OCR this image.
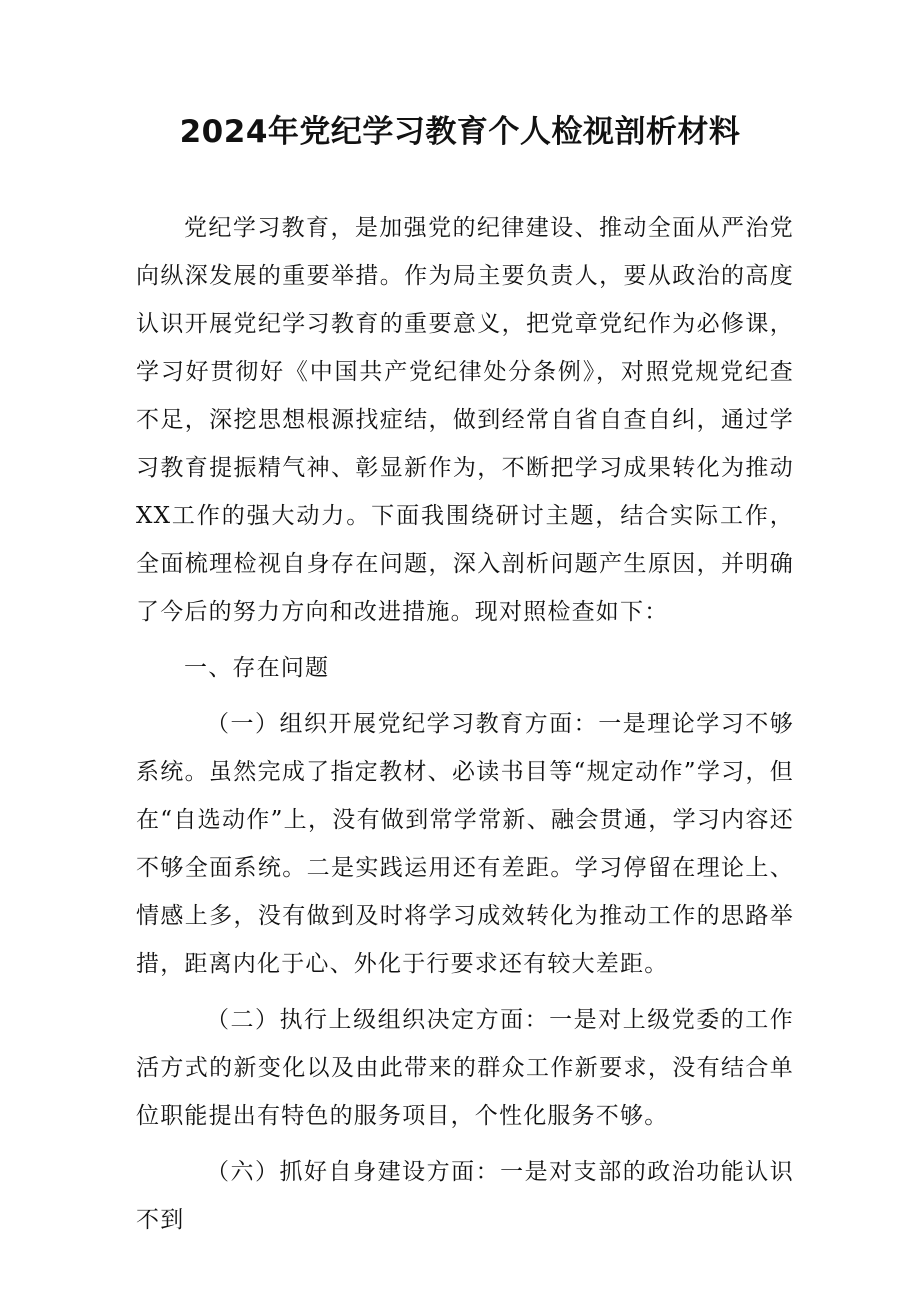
2024年党纪学习教育个人检视剖析材料

党纪学习教育，是加强党的纪律建设、推动全面从严治党向纵深发展的重要举措。作为局主要负责人，要从政治的高度认识开展党纪学习教育的重要意义，把党章党纪作为必修课，学习好贯彻好《中国共产党纪律处分条例》，对照党规党纪查不足，深挖思想根源找症结，做到经常自省自查自纠，通过学习教育提振精气神、彰显新作为，不断把学习成果转化为推动XX工作的强大动力。下面我围绕研讨主题，结合实际工作，全面梳理检视自身存在问题，深入剖析问题产生原因，并明确了今后的努力方向和改进措施。现对照检查如下：

一、存在问题

（一）组织开展党纪学习教育方面：一是理论学习不够系统。虽然完成了指定教材、必读书目等“规定动作”学习，但在“自选动作”上，没有做到常学常新、融会贯通，学习内容还不够全面系统。二是实践运用还有差距。学习停留在理论上、情感上多，没有做到及时将学习成效转化为推动工作的思路举措，距离内化于心、外化于行要求还有较大差距。

（二）执行上级组织决定方面：一是对上级党委的工作活方式的新变化以及由此带来的群众工作新要求，没有结合单位职能提出有特色的服务项目，个性化服务不够。

（六）抓好自身建设方面：一是对支部的政治功能认识不到
